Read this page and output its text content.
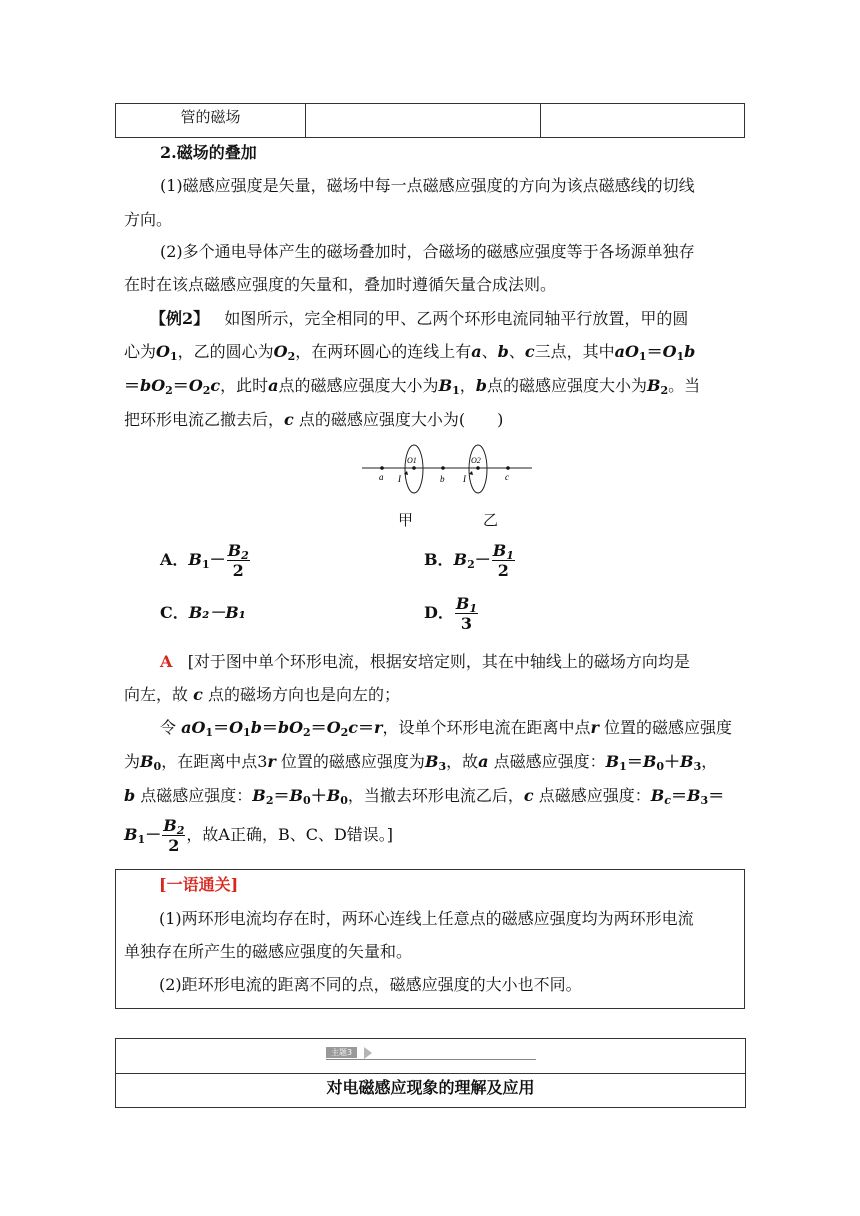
管的磁场		
2.磁场的叠加
(1)磁感应强度是矢量，磁场中每一点磁感应强度的方向为该点磁感线的切线
方向。
(2)多个通电导体产生的磁场叠加时，合磁场的磁感应强度等于各场源单独存
在时在该点磁感应强度的矢量和，叠加时遵循矢量合成法则。
【例2】 如图所示，完全相同的甲、乙两个环形电流同轴平行放置，甲的圆
心为$O_1$，乙的圆心为$O_2$，在两环圆心的连线上有a、b、c三点，其中$aO_1=O_1b$
$=bO_2=O_2c$，此时a点的磁感应强度大小为$B_1$，b点的磁感应强度大小为$B_2$。当
把环形电流乙撤去后，c 点的磁感应强度大小为(　　)
a	b	c
O1	O2
I	I
甲	乙
A．$B_1- \frac{B_2}{2}$	B．$B_2- \frac{B_1}{2}$
C．B₂－B₁	D． $\frac{B_1}{3}$
A [对于图中单个环形电流，根据安培定则，其在中轴线上的磁场方向均是
向左，故 c 点的磁场方向也是向左的；
令 $aO_1=O_1b=bO_2=O_2c=r$，设单个环形电流在距离中点r 位置的磁感应强度
为$B_0$，在距离中点3r 位置的磁感应强度为$B_3$，故a 点磁感应强度：$B_1=B_0+B_3$，
b 点磁感应强度：$B_2=B_0+B_0$，当撤去环形电流乙后，c 点磁感应强度：$B_c=B_3=$
$B_1- \frac{B_2}{2}$ ，故A正确，B、C、D错误。]
[一语通关]
(1)两环形电流均存在时，两环心连线上任意点的磁感应强度均为两环形电流
单独存在所产生的磁感应强度的矢量和。
(2)距环形电流的距离不同的点，磁感应强度的大小也不同。
主题3
对电磁感应现象的理解及应用
